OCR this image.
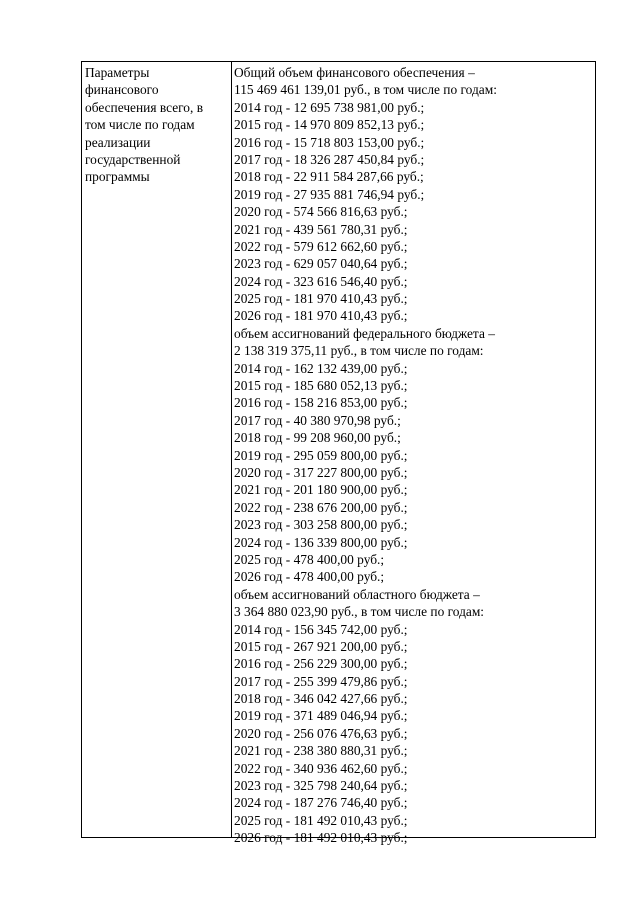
Параметры
финансового
обеспечения всего, в
том числе по годам
реализации
государственной
программы
Общий объем финансового обеспечения –
115 469 461 139,01 руб., в том числе по годам:
2014 год - 12 695 738 981,00 руб.;
2015 год - 14 970 809 852,13 руб.;
2016 год - 15 718 803 153,00 руб.;
2017 год - 18 326 287 450,84 руб.;
2018 год - 22 911 584 287,66 руб.;
2019 год - 27 935 881 746,94 руб.;
2020 год - 574 566 816,63 руб.;
2021 год - 439 561 780,31 руб.;
2022 год - 579 612 662,60 руб.;
2023 год - 629 057 040,64 руб.;
2024 год - 323 616 546,40 руб.;
2025 год - 181 970 410,43 руб.;
2026 год - 181 970 410,43 руб.;
объем ассигнований федерального бюджета –
2 138 319 375,11 руб., в том числе по годам:
2014 год - 162 132 439,00 руб.;
2015 год - 185 680 052,13 руб.;
2016 год - 158 216 853,00 руб.;
2017 год - 40 380 970,98 руб.;
2018 год - 99 208 960,00 руб.;
2019 год - 295 059 800,00 руб.;
2020 год - 317 227 800,00 руб.;
2021 год - 201 180 900,00 руб.;
2022 год - 238 676 200,00 руб.;
2023 год - 303 258 800,00 руб.;
2024 год - 136 339 800,00 руб.;
2025 год - 478 400,00 руб.;
2026 год - 478 400,00 руб.;
объем ассигнований областного бюджета –
3 364 880 023,90 руб., в том числе по годам:
2014 год - 156 345 742,00 руб.;
2015 год - 267 921 200,00 руб.;
2016 год - 256 229 300,00 руб.;
2017 год - 255 399 479,86 руб.;
2018 год - 346 042 427,66 руб.;
2019 год - 371 489 046,94 руб.;
2020 год - 256 076 476,63 руб.;
2021 год - 238 380 880,31 руб.;
2022 год - 340 936 462,60 руб.;
2023 год - 325 798 240,64 руб.;
2024 год - 187 276 746,40 руб.;
2025 год - 181 492 010,43 руб.;
2026 год - 181 492 010,43 руб.;
